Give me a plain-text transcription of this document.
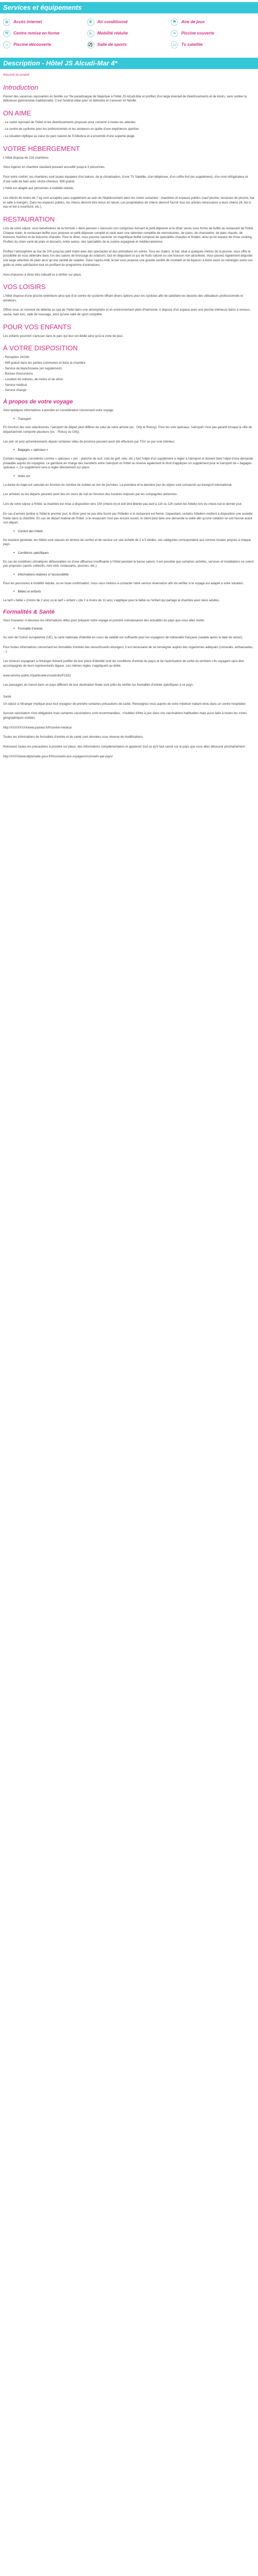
Services et équipements
≋	Accès internet	✻	Air conditionné	⚑	Aire de jeux
⚒	Centre remise en forme	♿	Mobilité réduite	≈	Piscine couverte
☼	Piscine découverte	⚽ Salle de sports	▭	Tv satellite
Description - Hôtel JS Alcudi-Mar 4*

Résumé du produit

Introduction

Passer des vacances reposantes en famille sur l'île paradisiaque de Majorque à l'hôtel JS Alcudi-Mar et profitez d'un large éventail de divertissements et de loisirs, sans oublier la délicieuse gastronomie traditionnelle. C'est l'endroit idéal pour se détendre et s'amuser en famille.

ON AIME

- Le cadre reposant de l'hôtel et les divertissements proposés pour convenir à toutes les attentes

- Le centre de cyclisme pour les professionnels et les amateurs en quête d'une expérience sportive.

- La situation idyllique au cœur du parc naturel de S'Albufera et à proximité d'une superbe plage

VOTRE HÉBERGEMENT

L'hôtel dispose de 216 chambres

Vous logerez en chambre standard pouvant accueillir jusqu'à 3 personnes.

Pour votre confort, les chambres sont toutes équipées d'un balcon, de la climatisation, d'une TV Satellite, d'un téléphone, d'un coffre-fort (en supplément), d'un mini réfrigérateur et d'une salle de bain avec sèche-cheveux. Wifi gratuit.

L'hôtel est adapté aux personnes à mobilité réduite.

Les clients de moins de 7 kg sont acceptés sans supplément au sein de l'établissement dans les zones suivantes : chambres et espaces publics (sauf piscine, terrasses de piscine, bar et salle à manger). Dans les espaces publics, les chiens devront être tenus en laisse. Les propriétaires de chiens devront fournir tous les articles nécessaires à leurs chiens (lit, bol à eau et bol à nourriture, etc.).

RESTAURATION

Lors de votre séjour, vous bénéficierez de la formule « demi-pension » boissons non comprises incluant le petit-déjeuner et le dîner servis sous forme de buffet au restaurant de l'hôtel. Chaque matin, le restaurant buffet vous propose un petit-déjeuner complet et varié avec une sélection complète de viennoiseries, de pains, de charcuterie, de plats chauds, de boissons fraîches et de boissons chaudes. Pour le dîner, vous pourrez savourer un magnifique buffet composé de spécialités chaudes et froides, ainsi qu'un espace de show cooking. Profitez du choix varié de plats et desserts, entre autres, des spécialités de la cuisine espagnole et méditerranéenne.

Profitez l'atmosphère au bar de 10h jusqu'au petit matin avec des spectacles et des animations en soirée. Tous les matins, le bar, situé à quelques mètres de la piscine, vous offre la possibilité de vous détendre dans l'un des salons de bronzage du solarium, tout en dégustant un jus de fruits naturel ou une boisson non-alcoolisée. Vous pouvez également déguster une large sélection de plats ainsi qu'une variété de salades. Dans l'après-midi, le bar vous propose une grande variété de cocktails et de liqueurs à boire seuls ou mélangés selon vos goûts et votre satisfaction tout en profitant du programme d'animations.

Hors-d'œuvres à dîner très indicatif et à vérifier sur place.

VOS LOISIRS

L'hôtel dispose d'une piscine extérieure ainsi que d'un centre de cyclisme offrant divers options pour les cyclistes afin de satisfaire les besoins des utilisateurs professionnels et amateurs.

Offrez-vous un moment de détente au spa de l'hôtel dans une atmosphère et un environnement plein d'harmonie. Il dispose d'un espace avec une piscine intérieure bains à remous, sauna, bain turc, salle de massage, ainsi qu'une salle de sport complète.

POUR VOS ENFANTS

Les enfants pourront s'amuser dans le parc qui leur est dédié ainsi qu'à la zone de jeux.

À VOTRE DISPOSITION

- Réception 24/24h

- Wifi gratuit dans les parties communes et dans la chambre

- Service de blanchisserie (en supplément)

- Bureau d'excursions

- Location de voitures, de motos et de vélos

- Service médical

- Service change

À propos de votre voyage

Voici quelques informations à prendre en considération concernant votre voyage.

• Transport

En fonction des vols sélectionnés, l'aéroport de départ peut différer de celui de votre arrivée (ex : Orly et Roissy). Pour les vols spéciaux, l'aéroport n'est pas garanti lorsque la ville de départ/arrivée comporte plusieurs (ex. : Roissy ou Orly).

Les pré- et post-acheminements depuis certaines villes de province peuvent avoir été effectués par TGV ou par voie intérieur.

• Bagages « spéciaux »

Certains bagages considérés comme « spéciaux » (ex. : planche de surf, club de golf, vélo, etc.) font l'objet d'un supplément à régler à l'aéroport et doivent faire l'objet d'une demande préalable auprès du voyagiste. Le garniture en charge des transferts entre l'aéroport et l'hôtel se réserve également le droit d'appliquer un supplément pour le transport de « bagages spéciaux ». Ce supplément sera à régler directement sur place.

• Votre vol

La durée du trajet est calculée en fonction du nombre de nuitées et non de journées. La première et la dernière jour du séjour sont consacrés au transport international.

Les arrivées ou les départs peuvent avoir lieu en cours de nuit en fonction des horaires imposés par les compagnies aériennes.

Lors de votre séjour à l'hôtel, la chambre est mise à disposition vers 15h (check-in) et doit être libérée pas tard à 11h ou 12h (selon les hôtels) lors du check-out le dernier jour.

En cas d'arrivée tardive à l'hôtel le premier jour, le dîner peut ne pas être fourni par l'hôtelier si le restaurant est fermé. Cependant, certains hôteliers mettent à disposition une assiette froide dans la chambre. En cas de départ matinal de l'hôtel, si le restaurant n'est pas encore ouvert, le client peut faire une demande la veille afin qu'une collation lui soit fournie avant son départ.

• Confort des hôtels

De manière générale, les hôtels sont classés en termes de confort et de service sur une échelle de 2 à 5 étoiles, ces catégories correspondent aux normes locales propres à chaque pays.

• Conditions spécifiques

En cas de conditions climatiques défavorables ou d'une affluence insuffisante à l'hôtel pendant la basse saison, il est possible que certaines activités, services et installations ne soient pas proposés (sports collectifs, mini club, restaurants, piscines, etc.).

• Informations relatives à l'accessibilité

Pour les personnes à mobilité réduite, ou en toute confirmation, nous vous invitons à contacter notre service réservation afin de vérifier si le voyage est adapté à votre situation.

• Bébés et enfants

Le tarif « bébé » (moins de 2 ans) ou le tarif « enfant » (de 2 à moins de 12 ans) s'applique pour le bébé ou l'enfant qui partage la chambre avec deux adultes.

Formalités & Santé

Vous trouverez ci-dessous les informations utiles pour préparer votre voyage et prendre connaissance des actualités du pays que vous allez visiter.

• Formalité d'entrée

Au sein de l'Union européenne (UE), la carte nationale d'identité en cours de validité est suffisante pour les voyageurs de nationalité française (valable après la date de retour).

Pour toutes informations concernant les formalités d'entrée des ressortissants étrangers, il est nécessaire de se renseigner auprès des organismes adéquats (consulats, ambassades, ...).

Les mineurs voyageant à l'étranger doivent justifier de leur pièce d'identité (voir les conditions d'entrée du pays) et de l'autorisation de sortie du territoire s'ils voyagent sans être accompagnés de leurs représentants légaux. Les mêmes règles s'appliquent au bébé.

www.service-public.fr/particuliers/vosdroits/F1922

Les passagers en transit dans un pays différent de leur destination finale sont priés de vérifier les formalités d'entrée spécifiques à ce pays.

Santé

Un séjour à l'étranger implique pour tout voyageur de prendre certaines précautions de santé. Renseignez-vous auprès de votre médecin traitant et/ou dans un centre hospitalier.

Aucune vaccination n'est obligatoire mais certaines vaccinations sont recommandées ; n'oubliez d'être à jour dans vos vaccinations habituelles mais aussi faire à toutes les zones géographiques visitées.

http://XXXXXXXXwww.pasteur.fr/fr/centre-medical

Toutes les informations de formalités d'entrée et de santé sont données sous réserve de modifications.

Retrouvez toutes les précautions à prendre sur place, des informations complémentaires et apprenez tout ce qu'il faut savoir sur le pays que vous allez découvrir prochainement :

http://XXXXwww.diplomatie.gouv.fr/fr/conseils-aux-voyageurs/conseils-par-pays/
